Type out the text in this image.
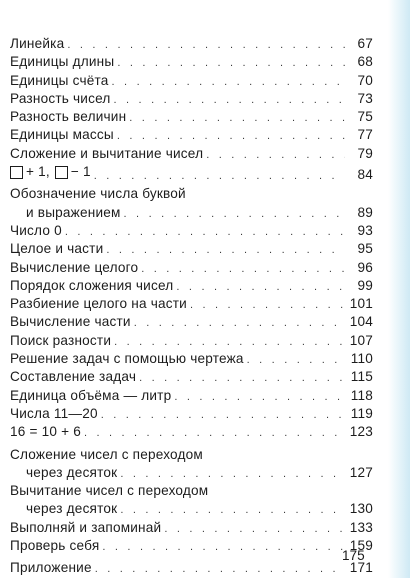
Линейка . . .	67
Единицы длины . . .	68
Единицы счёта . . .	70
Разность чисел . . .	73
Разность величин . . .	75
Единицы массы . . .	77
Сложение и вычитание чисел . . .	79
+ 1, − 1 . . .	84
Обозначение числа буквой
и выражением . . .	89
Число 0 . . .	93
Целое и части . . .	95
Вычисление целого . . .	96
Порядок сложения чисел . . .	99
Разбиение целого на части . . .	101
Вычисление части . . .	104
Поиск разности . . .	107
Решение задач с помощью чертежа . . .	110
Составление задач . . .	115
Единица объёма — литр . . .	118
Числа 11—20 . . .	119
16 = 10 + 6 . . .	123
Сложение чисел с переходом
через десяток . . .	127
Вычитание чисел с переходом
через десяток . . .	130
Выполняй и запоминай . . .	133
Проверь себя . . .	159
Приложение . . .	171
175
